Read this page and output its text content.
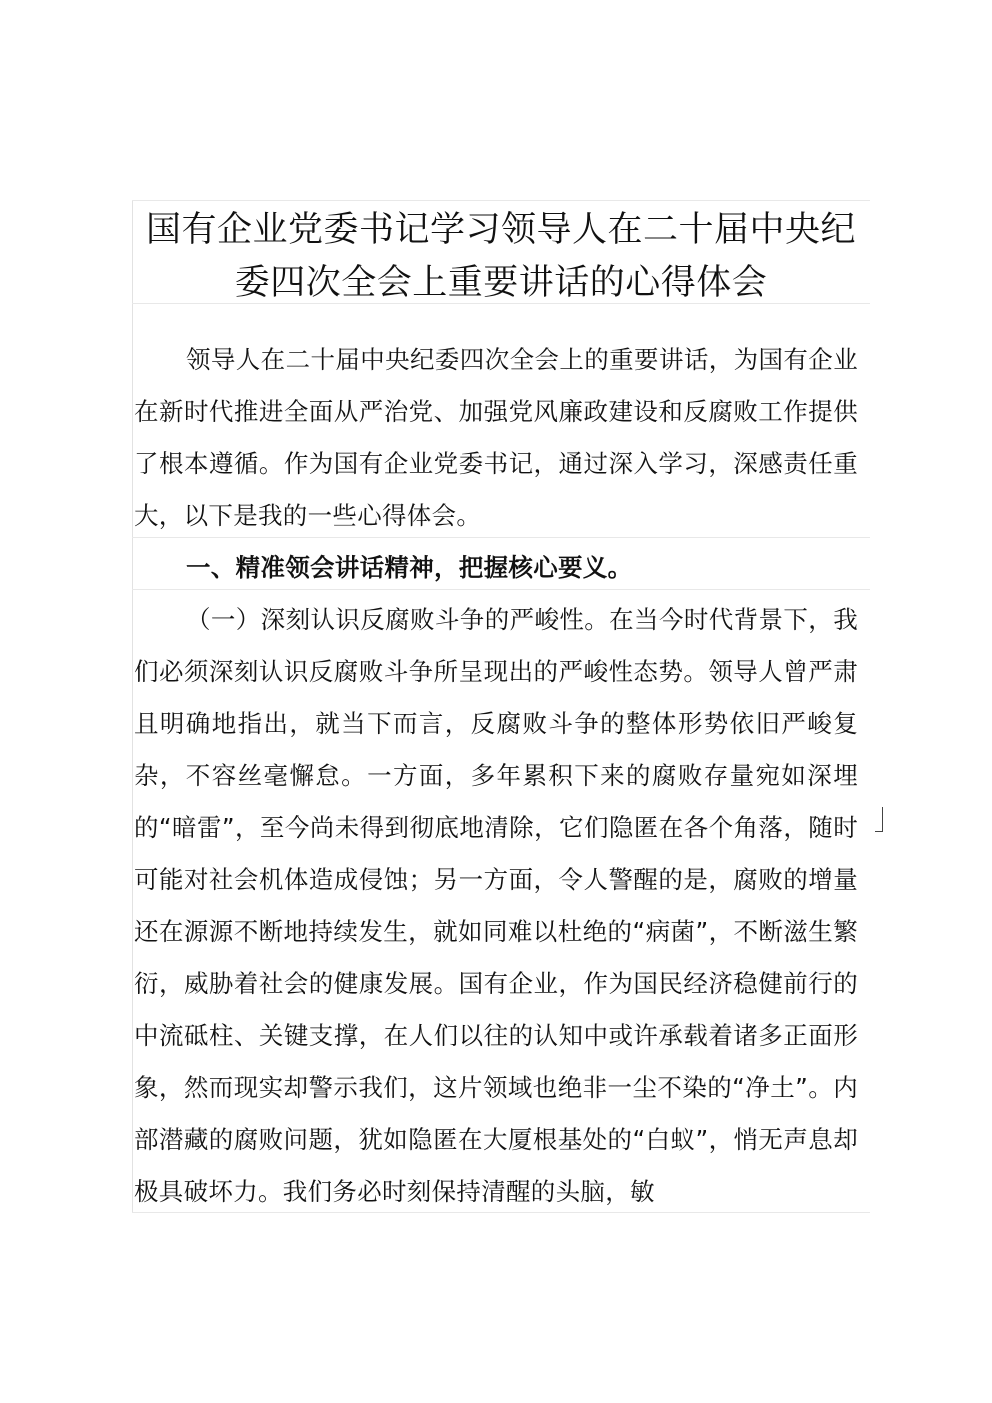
国有企业党委书记学习领导人在二十届中央纪
委四次全会上重要讲话的心得体会

领导人在二十届中央纪委四次全会上的重要讲话，为国有企业在新时代推进全面从严治党、加强党风廉政建设和反腐败工作提供了根本遵循。作为国有企业党委书记，通过深入学习，深感责任重大，以下是我的一些心得体会。

一、精准领会讲话精神，把握核心要义。

（一）深刻认识反腐败斗争的严峻性。在当今时代背景下，我们必须深刻认识反腐败斗争所呈现出的严峻性态势。领导人曾严肃且明确地指出，就当下而言，反腐败斗争的整体形势依旧严峻复杂，不容丝毫懈怠。一方面，多年累积下来的腐败存量宛如深埋的“暗雷”，至今尚未得到彻底地清除，它们隐匿在各个角落，随时可能对社会机体造成侵蚀；另一方面，令人警醒的是，腐败的增量还在源源不断地持续发生，就如同难以杜绝的“病菌”，不断滋生繁衍，威胁着社会的健康发展。国有企业，作为国民经济稳健前行的中流砥柱、关键支撑，在人们以往的认知中或许承载着诸多正面形象，然而现实却警示我们，这片领域也绝非一尘不染的“净土”。内部潜藏的腐败问题，犹如隐匿在大厦根基处的“白蚁”，悄无声息却极具破坏力。我们务必时刻保持清醒的头脑，敏
